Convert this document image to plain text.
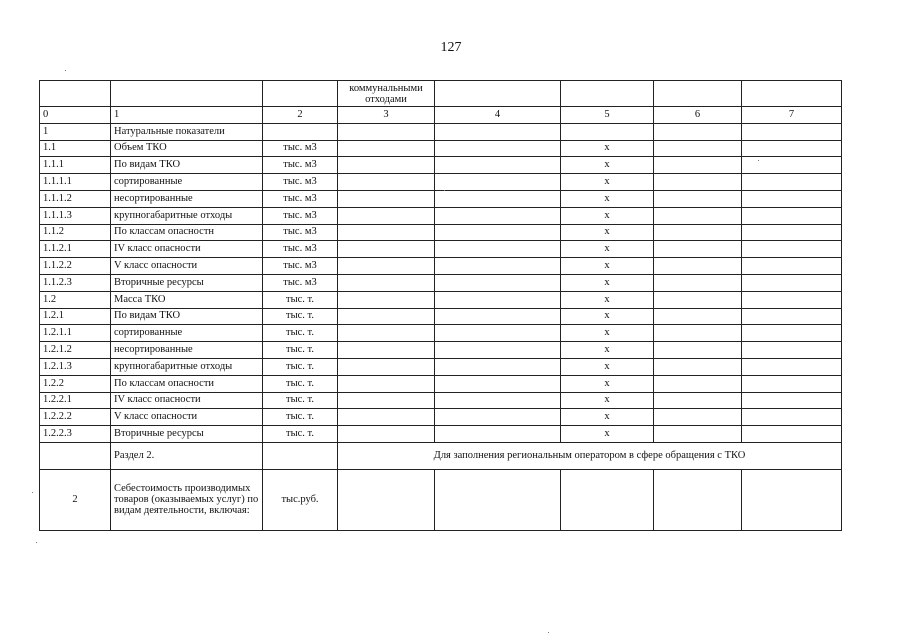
127
			коммунальными отходами				
0	1	2	3	4	5	6	7
1	Натуральные показатели						
1.1	Объем ТКО	тыс. м3			x		
1.1.1	По видам ТКО	тыс. м3			x		
1.1.1.1	сортированные	тыс. м3			x		
1.1.1.2	несортированные	тыс. м3			x		
1.1.1.3	крупногабаритные отходы	тыс. м3			x		
1.1.2	По классам опасностн	тыс. м3			x		
1.1.2.1	IV класс опасности	тыс. м3			x		
1.1.2.2	V класс опасности	тыс. м3			x		
1.1.2.3	Вторичные ресурсы	тыс. м3			x		
1.2	Масса ТКО	тыс. т.			x		
1.2.1	По видам ТКО	тыс. т.			x		
1.2.1.1	сортированные	тыс. т.			x		
1.2.1.2	несортированные	тыс. т.			x		
1.2.1.3	крупногабаритные отходы	тыс. т.			x		
1.2.2	По классам опасности	тыс. т.			x		
1.2.2.1	IV класс опасности	тыс. т.			x		
1.2.2.2	V класс опасности	тыс. т.			x		
1.2.2.3	Вторичные ресурсы	тыс. т.			x		
	Раздел 2.		Для заполнения региональным оператором в сфере обращения с ТКО				
2	Себестоимость производимых товаров (оказываемых услуг) по видам деятельности, включая:	тыс.руб.					
